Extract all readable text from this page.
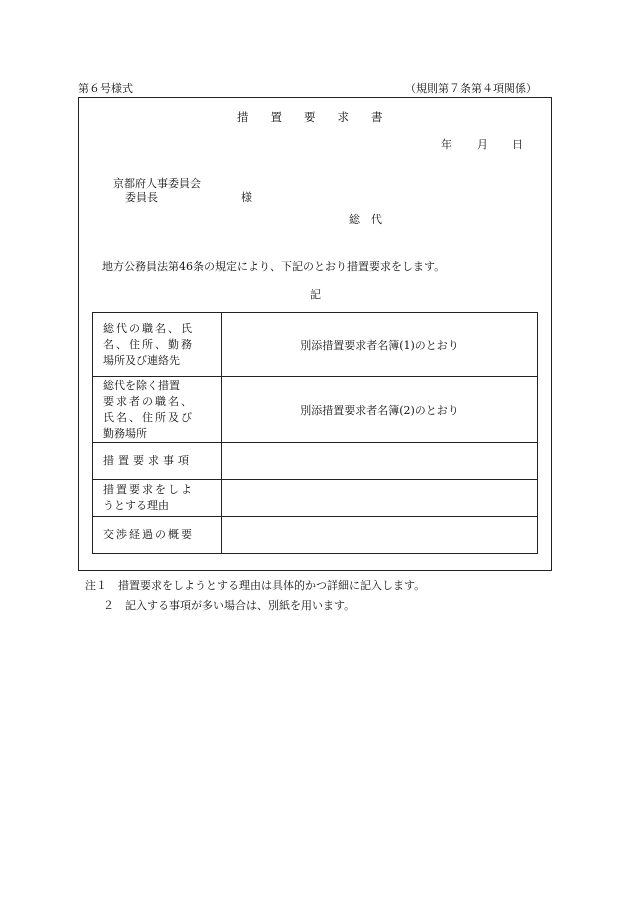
第６号様式	（規則第７条第４項関係）
措置要求書
年 月 日
京都府人事委員会
委員長	様
総　代
地方公務員法第46条の規定により、下記のとおり措置要求をします。
記
総代の職名、氏
名、住所、勤務
場所及び連絡先	別添措置要求者名簿(1)のとおり

総代を除く措置
要求者の職名、
氏名、住所及び
勤務場所	別添措置要求者名簿(2)のとおり

措置要求事項	

措置要求をしよ
うとする理由	

交渉経過の概要	

注１　措置要求をしようとする理由は具体的かつ詳細に記入します。
２　記入する事項が多い場合は、別紙を用います。
